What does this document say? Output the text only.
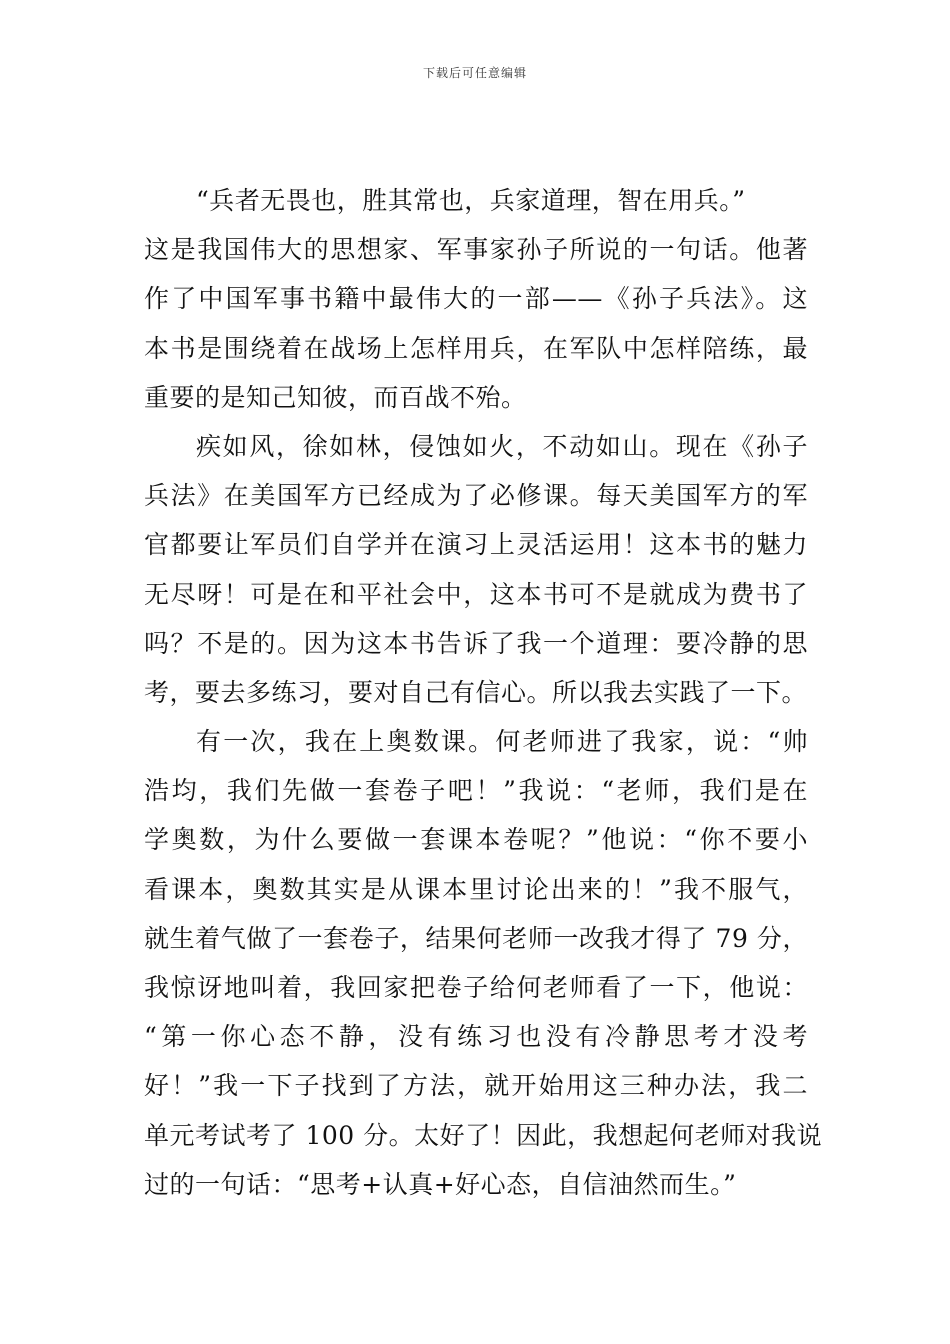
下载后可任意编辑
“兵者无畏也，胜其常也，兵家道理，智在用兵。”
这是我国伟大的思想家、军事家孙子所说的一句话。他著
作了中国军事书籍中最伟大的一部——《孙子兵法》。这
本书是围绕着在战场上怎样用兵，在军队中怎样陪练，最
重要的是知己知彼，而百战不殆。
疾如风，徐如林，侵蚀如火，不动如山。现在《孙子
兵法》在美国军方已经成为了必修课。每天美国军方的军
官都要让军员们自学并在演习上灵活运用！这本书的魅力
无尽呀！可是在和平社会中，这本书可不是就成为费书了
吗？不是的。因为这本书告诉了我一个道理：要冷静的思
考，要去多练习，要对自己有信心。所以我去实践了一下。
有一次，我在上奥数课。何老师进了我家，说：“帅
浩均，我们先做一套卷子吧！”我说：“老师，我们是在
学奥数，为什么要做一套课本卷呢？”他说：“你不要小
看课本，奥数其实是从课本里讨论出来的！”我不服气，
就生着气做了一套卷子，结果何老师一改我才得了 79 分，
我惊讶地叫着，我回家把卷子给何老师看了一下，他说：
“第一你心态不静，没有练习也没有冷静思考才没考
好！”我一下子找到了方法，就开始用这三种办法，我二
单元考试考了 100 分。太好了！因此，我想起何老师对我说
过的一句话：“思考+认真+好心态，自信油然而生。”
